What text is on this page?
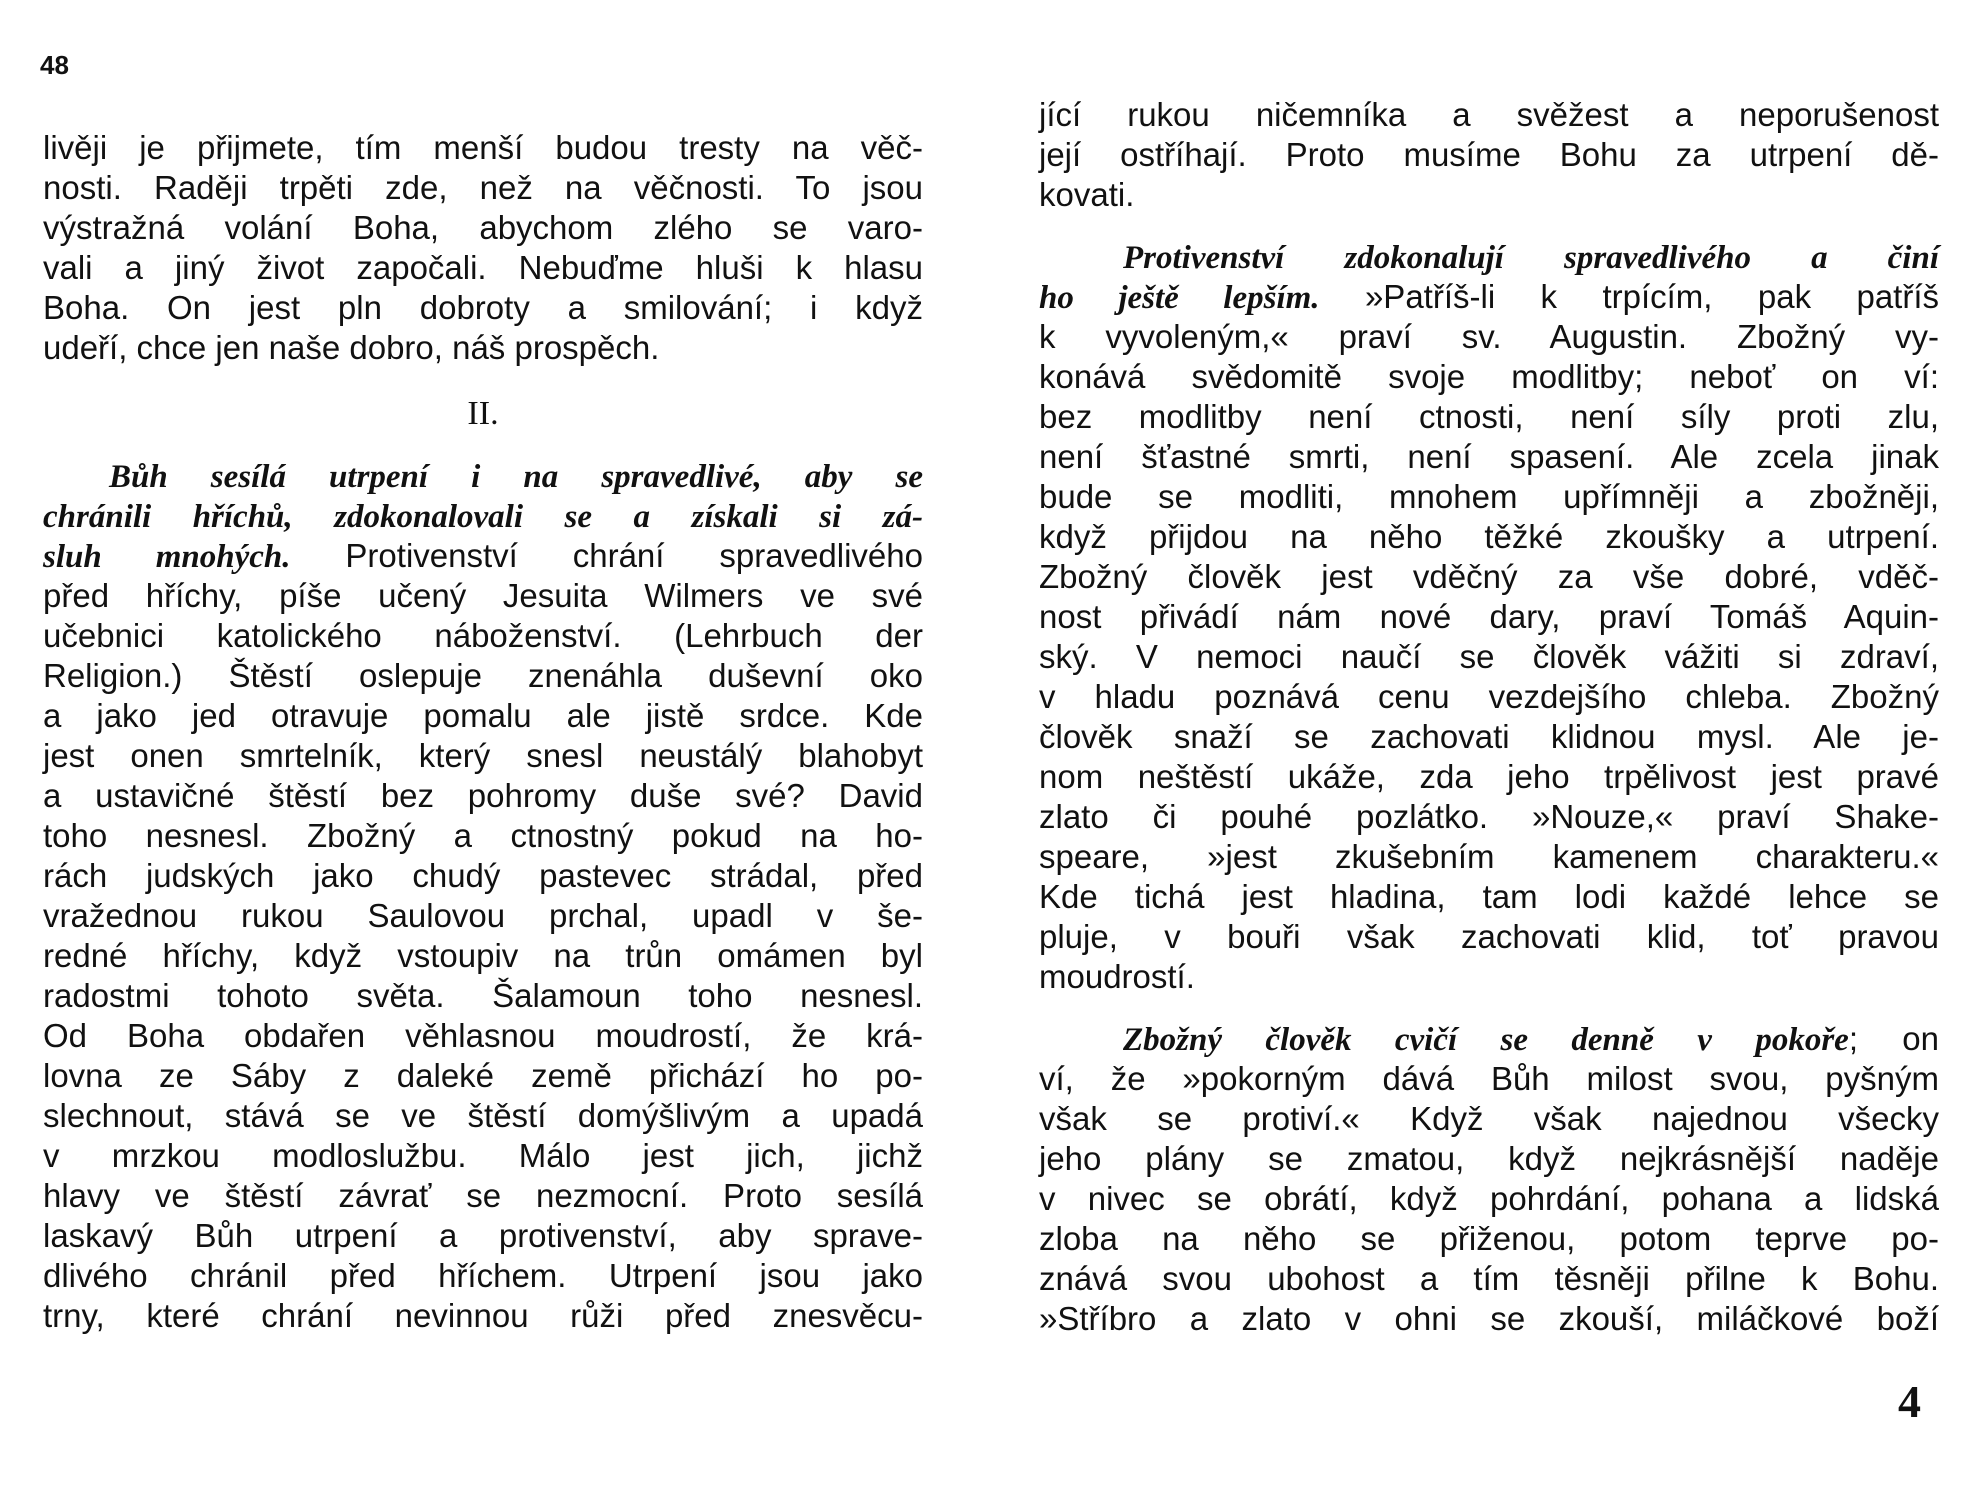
48
livěji je přijmete, tím menší budou tresty na věč-
nosti. Raději trpěti zde, než na věčnosti. To jsou
výstražná volání Boha, abychom zlého se varo-
vali a jiný život započali. Nebuďme hluši k hlasu
Boha. On jest pln dobroty a smilování; i když
udeří, chce jen naše dobro, náš prospěch.
II.
Bůh sesílá utrpení i na spravedlivé, aby se
chránili hříchů, zdokonalovali se a získali si zá-
sluh mnohých. Protivenství chrání spravedlivého
před hříchy, píše učený Jesuita Wilmers ve své
učebnici katolického náboženství. (Lehrbuch der
Religion.) Štěstí oslepuje znenáhla duševní oko
a jako jed otravuje pomalu ale jistě srdce. Kde
jest onen smrtelník, který snesl neustálý blahobyt
a ustavičné štěstí bez pohromy duše své? David
toho nesnesl. Zbožný a ctnostný pokud na ho-
rách judských jako chudý pastevec strádal, před
vražednou rukou Saulovou prchal, upadl v še-
redné hříchy, když vstoupiv na trůn omámen byl
radostmi tohoto světa. Šalamoun toho nesnesl.
Od Boha obdařen věhlasnou moudrostí, že krá-
lovna ze Sáby z daleké země přichází ho po-
slechnout, stává se ve štěstí domýšlivým a upadá
v mrzkou modloslužbu. Málo jest jich, jichž
hlavy ve štěstí závrať se nezmocní. Proto sesílá
laskavý Bůh utrpení a protivenství, aby sprave-
dlivého chránil před hříchem. Utrpení jsou jako
trny, které chrání nevinnou růži před znesvěcu-
jící rukou ničemníka a svěžest a neporušenost
její ostříhají. Proto musíme Bohu za utrpení dě-
kovati.
Protivenství zdokonalují spravedlivého a činí
ho ještě lepším. »Patříš-li k trpícím, pak patříš
k vyvoleným,« praví sv. Augustin. Zbožný vy-
konává svědomitě svoje modlitby; neboť on ví:
bez modlitby není ctnosti, není síly proti zlu,
není šťastné smrti, není spasení. Ale zcela jinak
bude se modliti, mnohem upřímněji a zbožněji,
když přijdou na něho těžké zkoušky a utrpení.
Zbožný člověk jest vděčný za vše dobré, vděč-
nost přivádí nám nové dary, praví Tomáš Aquin-
ský. V nemoci naučí se člověk vážiti si zdraví,
v hladu poznává cenu vezdejšího chleba. Zbožný
člověk snaží se zachovati klidnou mysl. Ale je-
nom neštěstí ukáže, zda jeho trpělivost jest pravé
zlato či pouhé pozlátko. »Nouze,« praví Shake-
speare, »jest zkušebním kamenem charakteru.«
Kde tichá jest hladina, tam lodi každé lehce se
pluje, v bouři však zachovati klid, toť pravou
moudrostí.
Zbožný člověk cvičí se denně v pokoře; on
ví, že »pokorným dává Bůh milost svou, pyšným
však se protiví.« Když však najednou všecky
jeho plány se zmatou, když nejkrásnější naděje
v nivec se obrátí, když pohrdání, pohana a lidská
zloba na něho se přiženou, potom teprve po-
znává svou ubohost a tím těsněji přilne k Bohu.
»Stříbro a zlato v ohni se zkouší, miláčkové boží
4
